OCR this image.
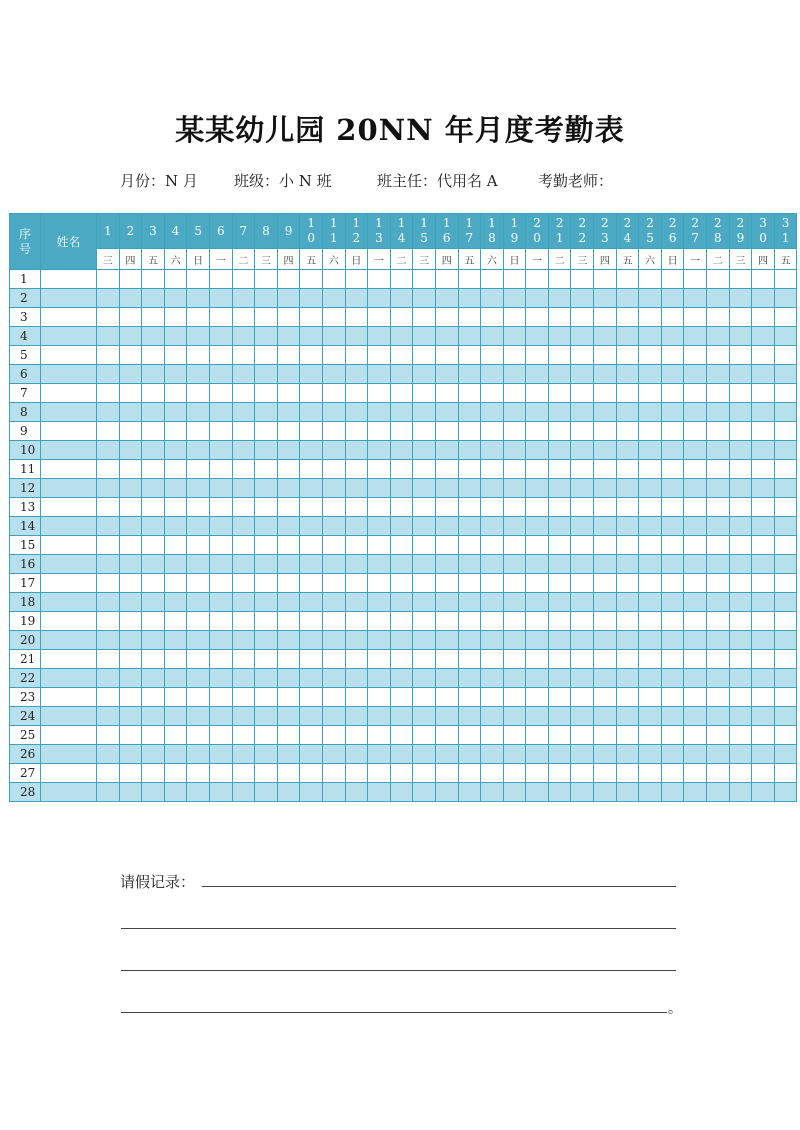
某某幼儿园 20NN 年月度考勤表
月份：N 月 班级：小 N 班	班主任：代用名 A	考勤老师：
序
号	姓名	1	2	3	4	5	6	7	8	9	10	11	12	13	14	15	16	17	18	19	20	21	22	23	24	25	26	27	28	29	30	31

		三	四	五	六	日	一	二	三	四	五	六	日	一	二	三	四	五	六	日	一	二	三	四	五	六	日	一	二	三	四	五
1																																
2																																
3																																
4																																
5																																
6																																
7																																
8																																
9																																
10																																
11																																
12																																
13																																
14																																
15																																
16																																
17																																
18																																
19																																
20																																
21																																
22																																
23																																
24																																
25																																
26																																
27																																
28																																
请假记录：
。
